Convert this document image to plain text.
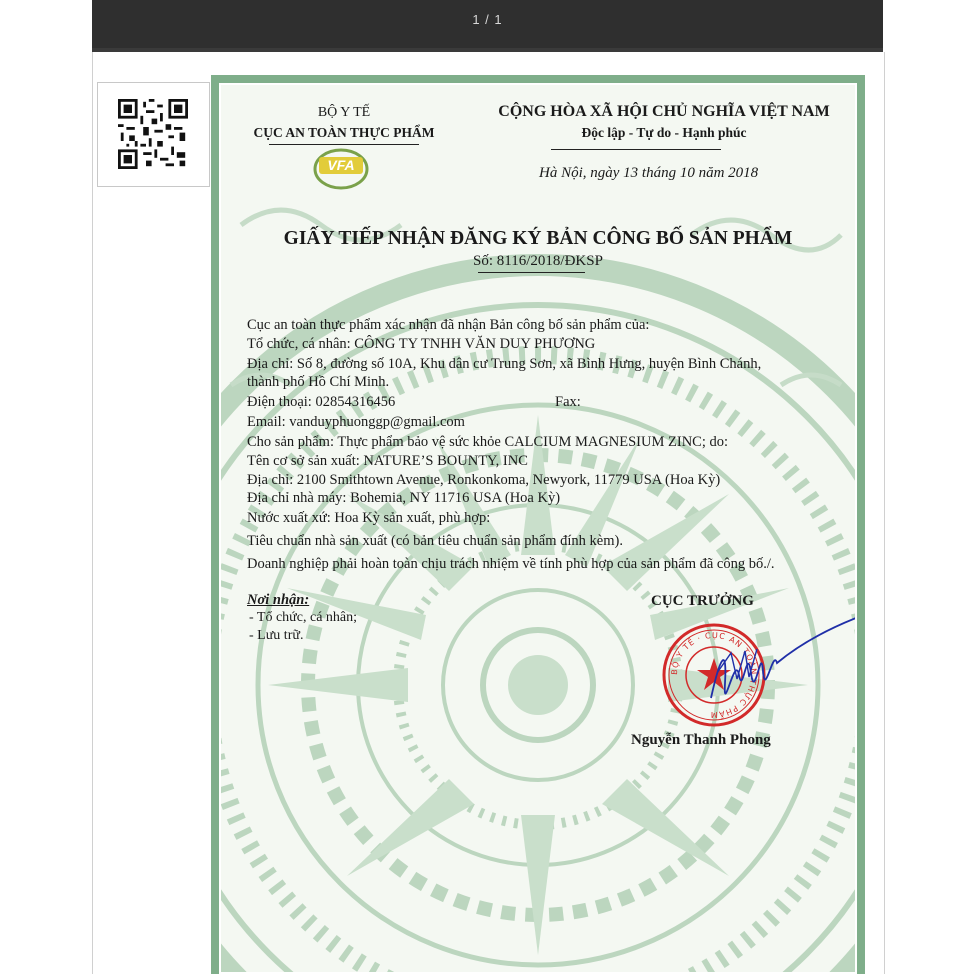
1 / 1
BỘ Y TẾ
CỤC AN TOÀN THỰC PHẨM
VFA
CỘNG HÒA XÃ HỘI CHỦ NGHĨA VIỆT NAM
Độc lập - Tự do - Hạnh phúc
Hà Nội, ngày 13 tháng 10 năm 2018
GIẤY TIẾP NHẬN ĐĂNG KÝ BẢN CÔNG BỐ SẢN PHẨM
Số: 8116/2018/ĐKSP
Cục an toàn thực phẩm xác nhận đã nhận Bản công bố sản phẩm của:
Tổ chức, cá nhân: CÔNG TY TNHH VĂN DUY PHƯƠNG
Địa chỉ: Số 8, đường số 10A, Khu dân cư Trung Sơn, xã Bình Hưng, huyện Bình Chánh,
thành phố Hồ Chí Minh.
Điện thoại: 02854316456	Fax:
Email: vanduyphuonggp@gmail.com
Cho sản phẩm: Thực phẩm bảo vệ sức khỏe CALCIUM MAGNESIUM ZINC; do:
Tên cơ sở sản xuất: NATURE’S BOUNTY, INC
Địa chỉ: 2100 Smithtown Avenue, Ronkonkoma, Newyork, 11779 USA (Hoa Kỳ)
Địa chỉ nhà máy: Bohemia, NY 11716 USA (Hoa Kỳ)
Nước xuất xứ: Hoa Kỳ sản xuất, phù hợp:
Tiêu chuẩn nhà sản xuất (có bản tiêu chuẩn sản phẩm đính kèm).
Doanh nghiệp phải hoàn toàn chịu trách nhiệm về tính phù hợp của sản phẩm đã công bố./.
Nơi nhận:
- Tổ chức, cá nhân;
- Lưu trữ.
CỤC TRƯỞNG
BỘ Y TẾ · CỤC AN TOÀN THỰC PHẨM
Nguyễn Thanh Phong
